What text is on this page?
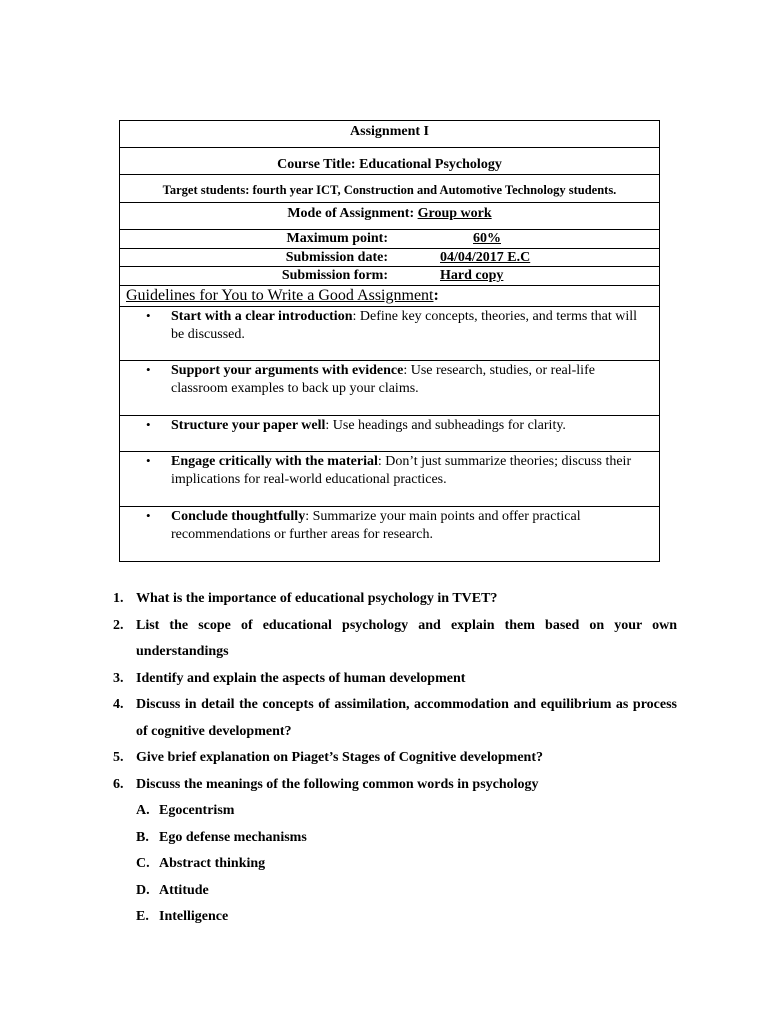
Assignment I
Course Title: Educational Psychology
Target students: fourth year ICT, Construction and Automotive Technology students.
Mode of Assignment: Group work
Maximum point:	60%
Submission date:	04/04/2017 E.C
Submission form:	Hard copy
Guidelines for You to Write a Good Assignment:
• Start with a clear introduction: Define key concepts, theories, and terms that will be discussed.
• Support your arguments with evidence: Use research, studies, or real-life classroom examples to back up your claims.
• Structure your paper well: Use headings and subheadings for clarity.
• Engage critically with the material: Don’t just summarize theories; discuss their implications for real-world educational practices.
• Conclude thoughtfully: Summarize your main points and offer practical recommendations or further areas for research.
1. What is the importance of educational psychology in TVET?
2. List the scope of educational psychology and explain them based on your own understandings
3. Identify and explain the aspects of human development
4. Discuss in detail the concepts of assimilation, accommodation and equilibrium as process of cognitive development?
5. Give brief explanation on Piaget’s Stages of Cognitive development?
6. Discuss the meanings of the following common words in psychology
A. Egocentrism
B. Ego defense mechanisms
C. Abstract thinking
D. Attitude
E. Intelligence
